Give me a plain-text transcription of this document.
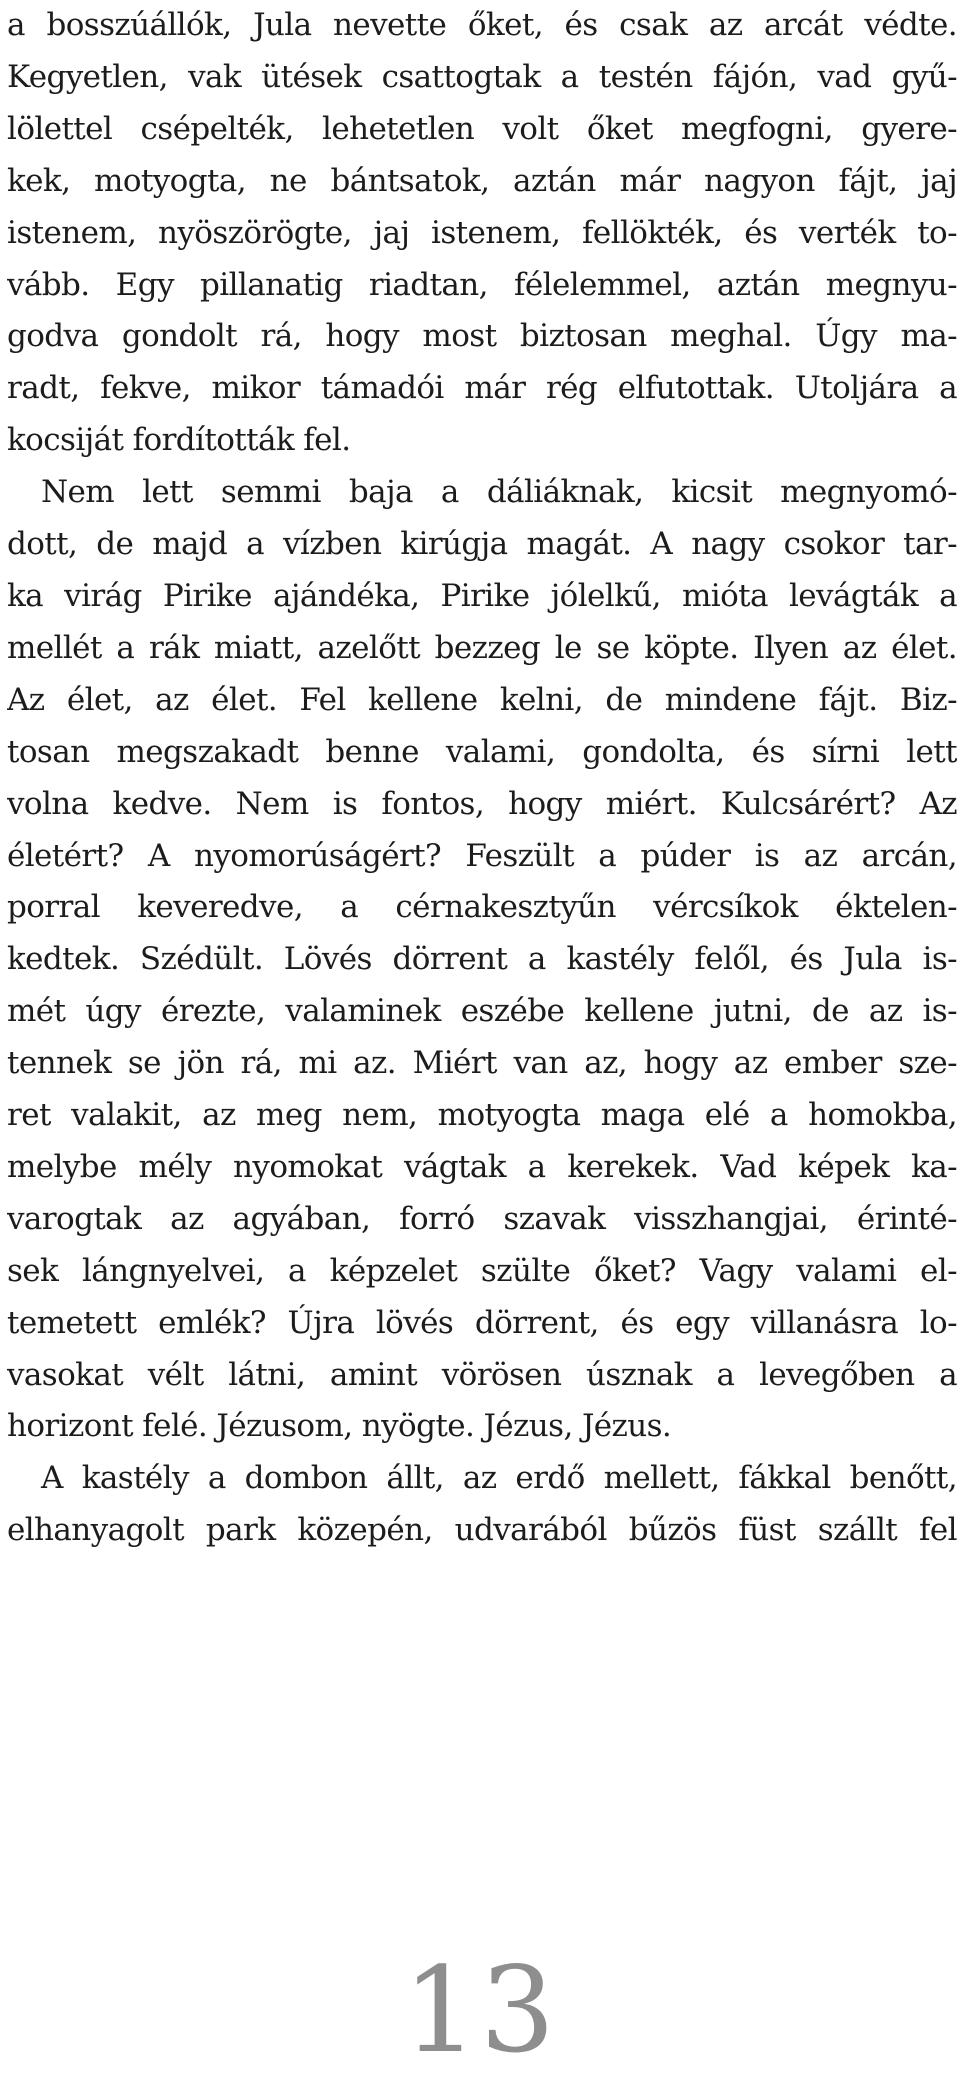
a bosszúállók, Jula nevette őket, és csak az arcát védte.
Kegyetlen, vak ütések csattogtak a testén fájón, vad gyű-
lölettel csépelték, lehetetlen volt őket megfogni, gyere-
kek, motyogta, ne bántsatok, aztán már nagyon fájt, jaj
istenem, nyöszörögte, jaj istenem, fellökték, és verték to-
vább. Egy pillanatig riadtan, félelemmel, aztán megnyu-
godva gondolt rá, hogy most biztosan meghal. Úgy ma-
radt, fekve, mikor támadói már rég elfutottak. Utoljára a
kocsiját fordították fel.

Nem lett semmi baja a dáliáknak, kicsit megnyomó-
dott, de majd a vízben kirúgja magát. A nagy csokor tar-
ka virág Pirike ajándéka, Pirike jólelkű, mióta levágták a
mellét a rák miatt, azelőtt bezzeg le se köpte. Ilyen az élet.
Az élet, az élet. Fel kellene kelni, de mindene fájt. Biz-
tosan megszakadt benne valami, gondolta, és sírni lett
volna kedve. Nem is fontos, hogy miért. Kulcsárért? Az
életért? A nyomorúságért? Feszült a púder is az arcán,
porral keveredve, a cérnakesztyűn vércsíkok éktelen-
kedtek. Szédült. Lövés dörrent a kastély felől, és Jula is-
mét úgy érezte, valaminek eszébe kellene jutni, de az is-
tennek se jön rá, mi az. Miért van az, hogy az ember sze-
ret valakit, az meg nem, motyogta maga elé a homokba,
melybe mély nyomokat vágtak a kerekek. Vad képek ka-
varogtak az agyában, forró szavak visszhangjai, érinté-
sek lángnyelvei, a képzelet szülte őket? Vagy valami el-
temetett emlék? Újra lövés dörrent, és egy villanásra lo-
vasokat vélt látni, amint vörösen úsznak a levegőben a
horizont felé. Jézusom, nyögte. Jézus, Jézus.

A kastély a dombon állt, az erdő mellett, fákkal benőtt,
elhanyagolt park közepén, udvarából bűzös füst szállt fel

13
